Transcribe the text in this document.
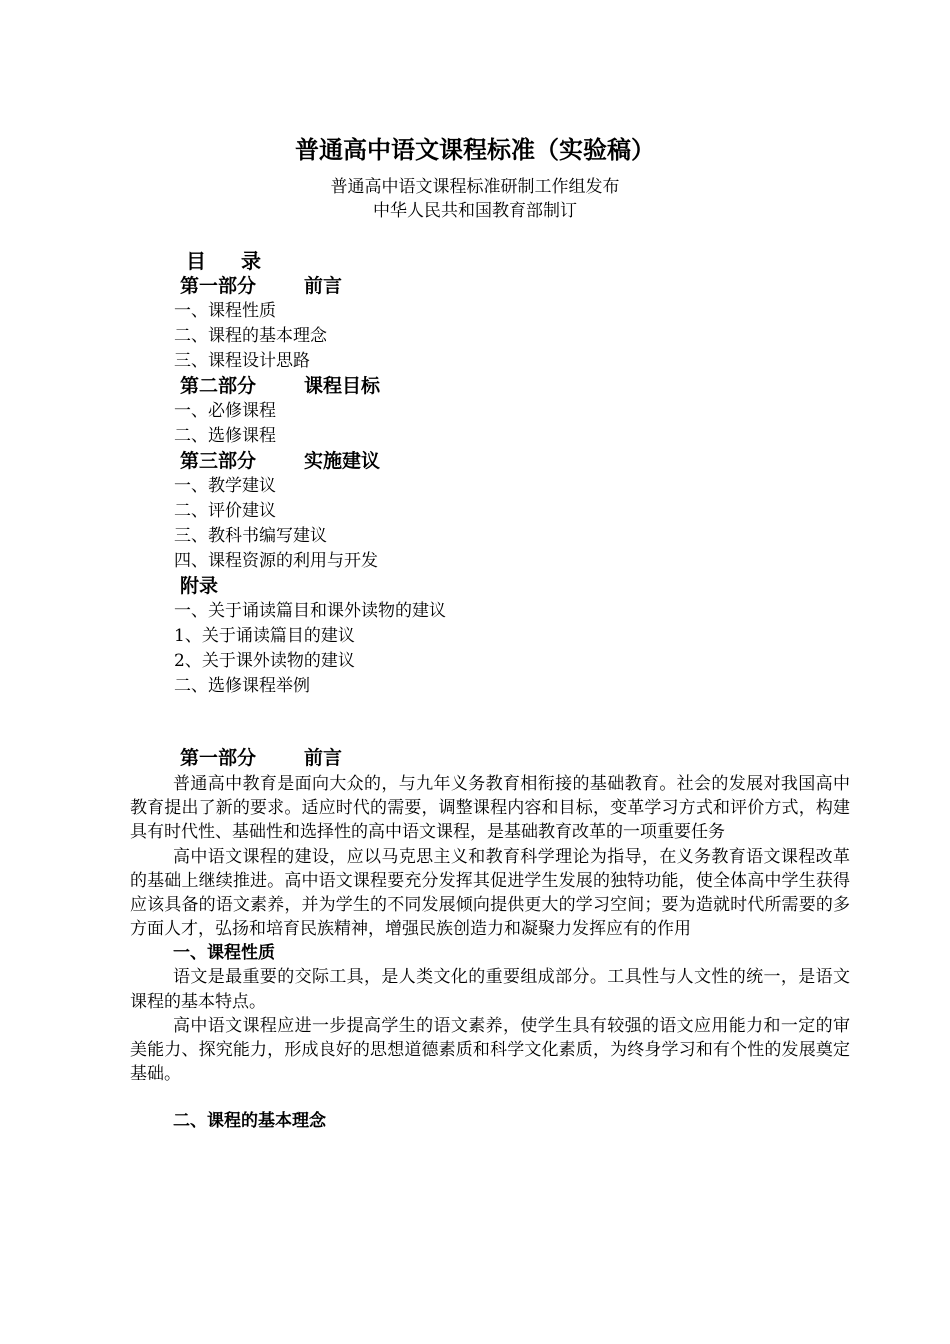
普通高中语文课程标准（实验稿）
普通高中语文课程标准研制工作组发布
中华人民共和国教育部制订
目 录
第一部分	前言
一、课程性质
二、课程的基本理念
三、课程设计思路
第二部分	课程目标
一、必修课程
二、选修课程
第三部分	实施建议
一、教学建议
二、评价建议
三、教科书编写建议
四、课程资源的利用与开发
附录
一、关于诵读篇目和课外读物的建议
1、关于诵读篇目的建议
2、关于课外读物的建议
二、选修课程举例
第一部分	前言

普通高中教育是面向大众的，与九年义务教育相衔接的基础教育。社会的发展对我国高中教育提出了新的要求。适应时代的需要，调整课程内容和目标，变革学习方式和评价方式，构建具有时代性、基础性和选择性的高中语文课程，是基础教育改革的一项重要任务

高中语文课程的建设，应以马克思主义和教育科学理论为指导，在义务教育语文课程改革的基础上继续推进。高中语文课程要充分发挥其促进学生发展的独特功能，使全体高中学生获得应该具备的语文素养，并为学生的不同发展倾向提供更大的学习空间；要为造就时代所需要的多方面人才，弘扬和培育民族精神，增强民族创造力和凝聚力发挥应有的作用

一、课程性质

语文是最重要的交际工具，是人类文化的重要组成部分。工具性与人文性的统一，是语文课程的基本特点。

高中语文课程应进一步提高学生的语文素养，使学生具有较强的语文应用能力和一定的审美能力、探究能力，形成良好的思想道德素质和科学文化素质，为终身学习和有个性的发展奠定基础。

二、课程的基本理念
